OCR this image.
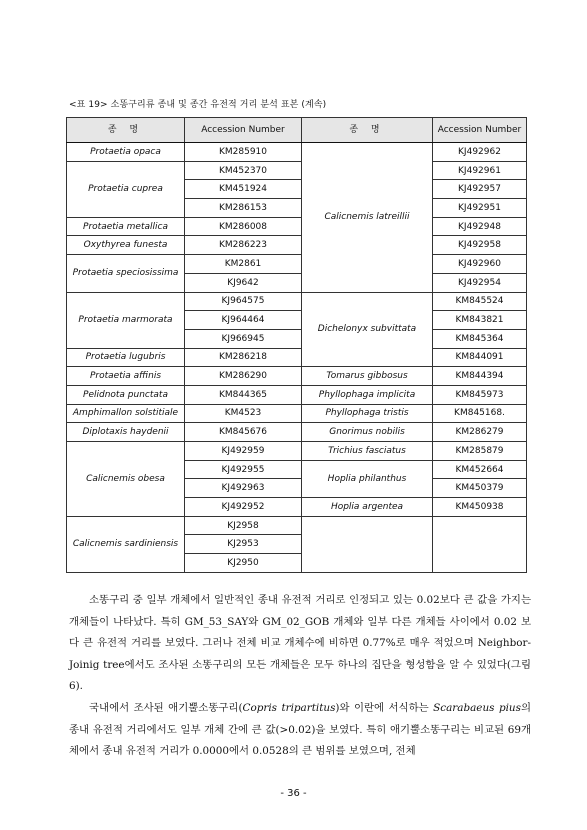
<표 19> 소똥구리류 종내 및 종간 유전적 거리 분석 표본 (계속)
종 명	Accession Number	종 명	Accession Number
Protaetia opaca	KM285910	Calicnemis latreillii	KJ492962
Protaetia cuprea	KM452370		KJ492961
	KM451924		KJ492957
	KM286153		KJ492951
Protaetia metallica	KM286008		KJ492948
Oxythyrea funesta	KM286223		KJ492958
Protaetia speciosissima	KM2861		KJ492960
	KJ9642		KJ492954
Protaetia marmorata	KJ964575	Dichelonyx subvittata	KM845524
	KJ964464		KM843821
	KJ966945		KM845364
Protaetia lugubris	KM286218		KM844091
Protaetia affinis	KM286290	Tomarus gibbosus	KM844394
Pelidnota punctata	KM844365	Phyllophaga implicita	KM845973
Amphimallon solstitiale	KM4523	Phyllophaga tristis	KM845168.
Diplotaxis haydenii	KM845676	Gnorimus nobilis	KM286279
Calicnemis obesa	KJ492959	Trichius fasciatus	KM285879
	KJ492955	Hoplia philanthus	KM452664
	KJ492963		KM450379
	KJ492952	Hoplia argentea	KM450938
Calicnemis sardiniensis	KJ2958		
	KJ2953		
	KJ2950		

소똥구리 중 일부 개체에서 일반적인 종내 유전적 거리로 인정되고 있는 0.02보다 큰 값을 가지는 개체들이 나타났다. 특히 GM_53_SAY와 GM_02_GOB 개체와 일부 다른 개체들 사이에서 0.02 보다 큰 유전적 거리를 보였다. 그러나 전체 비교 개체수에 비하면 0.77%로 매우 적었으며 Neighbor-Joinig tree에서도 조사된 소똥구리의 모든 개체들은 모두 하나의 집단을 형성함을 알 수 있었다(그림 6).

국내에서 조사된 애기뿔소똥구리(Copris tripartitus)와 이란에 서식하는 Scarabaeus pius의 종내 유전적 거리에서도 일부 개체 간에 큰 값(>0.02)을 보였다. 특히 애기뿔소똥구리는 비교된 69개체에서 종내 유전적 거리가 0.0000에서 0.0528의 큰 범위를 보였으며, 전체

- 36 -
